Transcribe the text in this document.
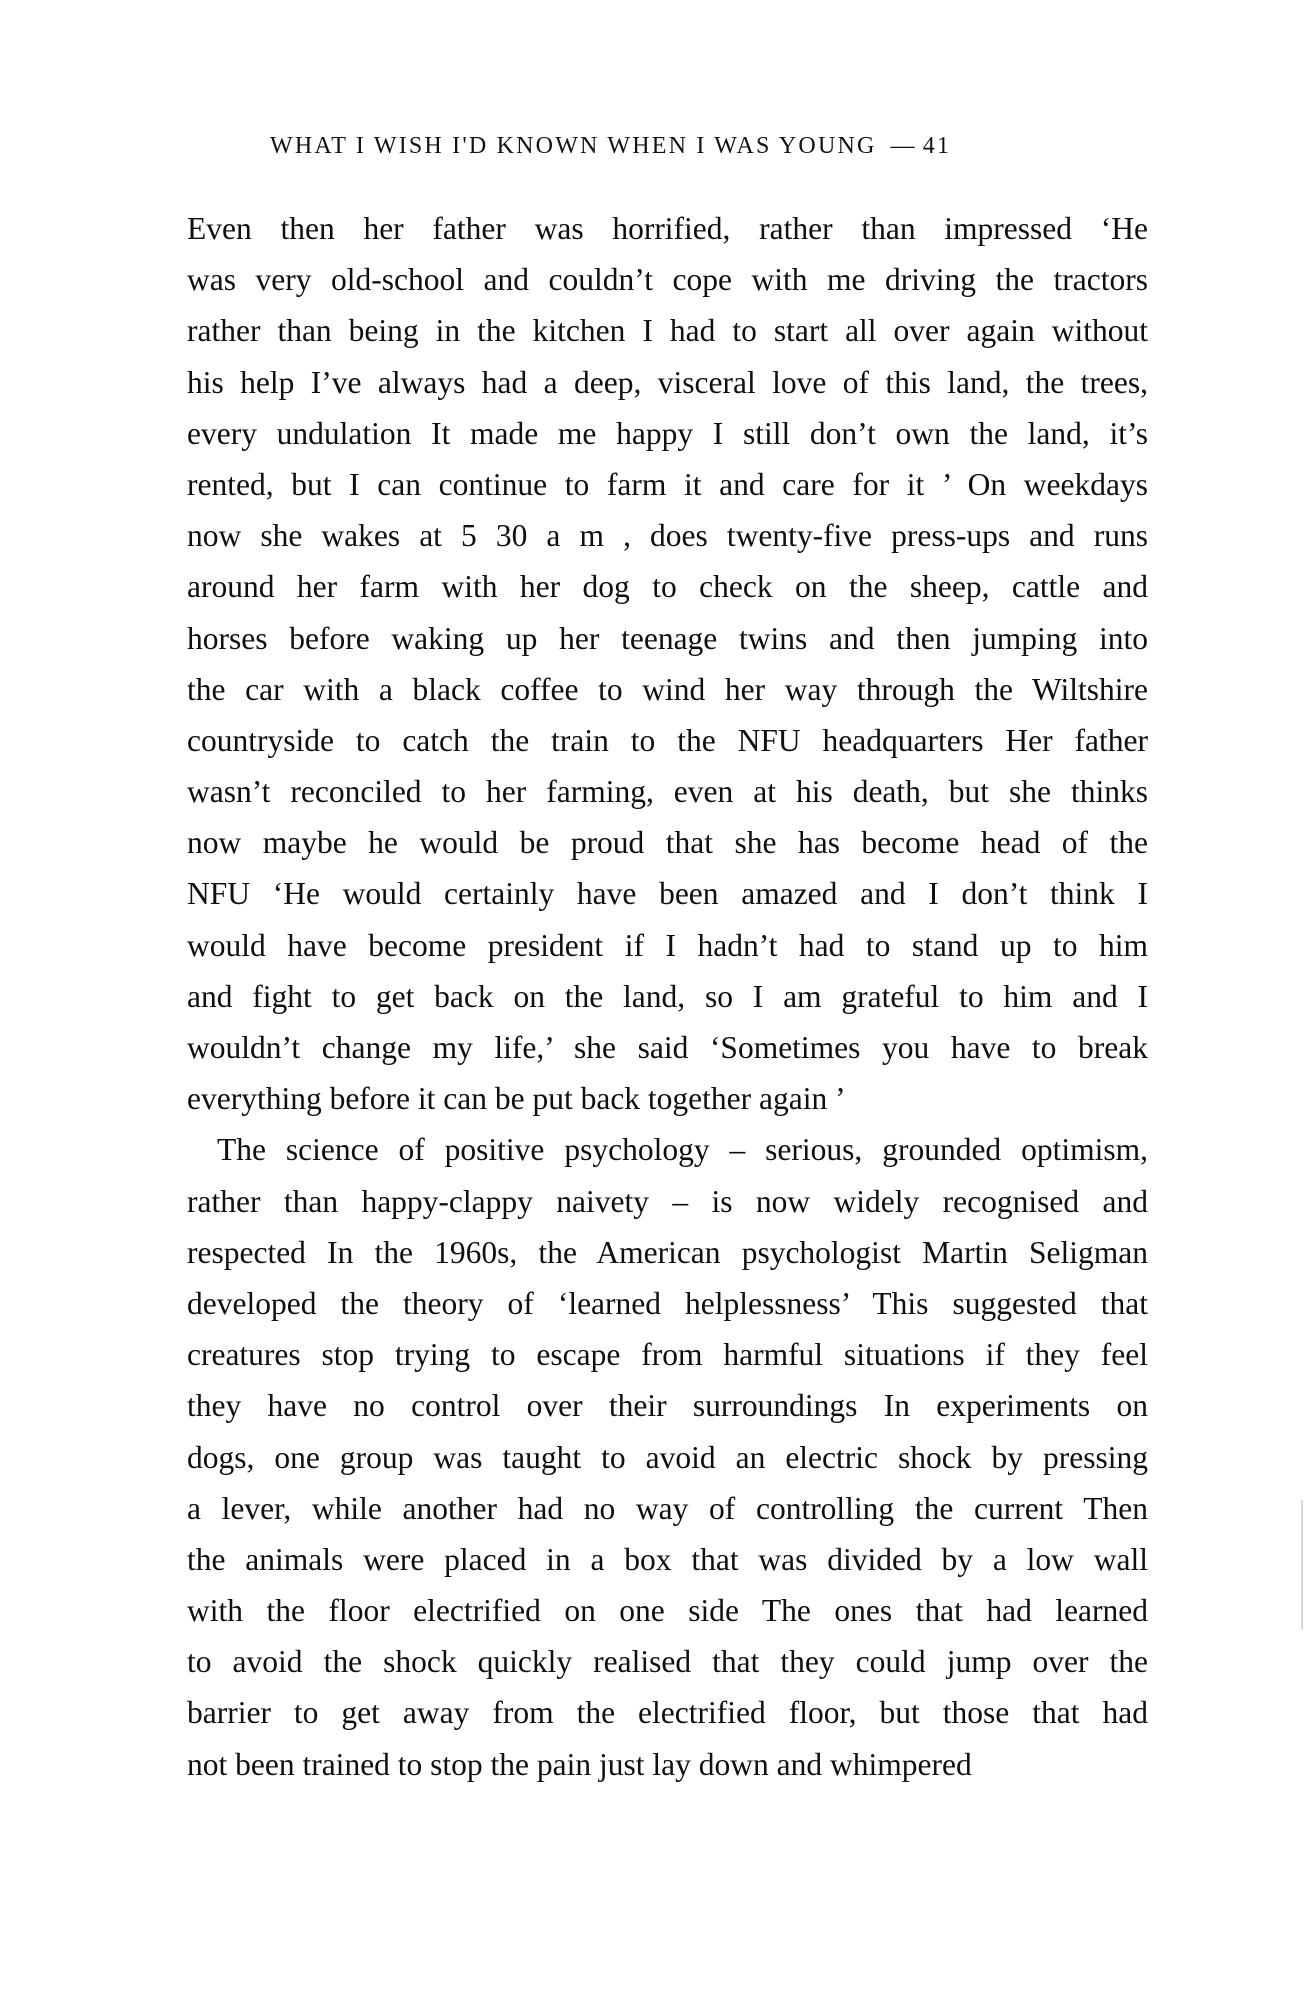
WHAT I WISH I'D KNOWN WHEN I WAS YOUNG — 41
Even then her father was horrified, rather than impressed ‘He
was very old-school and couldn’t cope with me driving the tractors
rather than being in the kitchen I had to start all over again without
his help I’ve always had a deep, visceral love of this land, the trees,
every undulation It made me happy I still don’t own the land, it’s
rented, but I can continue to farm it and care for it ’ On weekdays
now she wakes at 5 30 a m , does twenty-five press-ups and runs
around her farm with her dog to check on the sheep, cattle and
horses before waking up her teenage twins and then jumping into
the car with a black coffee to wind her way through the Wiltshire
countryside to catch the train to the NFU headquarters Her father
wasn’t reconciled to her farming, even at his death, but she thinks
now maybe he would be proud that she has become head of the
NFU ‘He would certainly have been amazed and I don’t think I
would have become president if I hadn’t had to stand up to him
and fight to get back on the land, so I am grateful to him and I
wouldn’t change my life,’ she said ‘Sometimes you have to break
everything before it can be put back together again ’
The science of positive psychology – serious, grounded optimism,
rather than happy-clappy naivety – is now widely recognised and
respected In the 1960s, the American psychologist Martin Seligman
developed the theory of ‘learned helplessness’ This suggested that
creatures stop trying to escape from harmful situations if they feel
they have no control over their surroundings In experiments on
dogs, one group was taught to avoid an electric shock by pressing
a lever, while another had no way of controlling the current Then
the animals were placed in a box that was divided by a low wall
with the floor electrified on one side The ones that had learned
to avoid the shock quickly realised that they could jump over the
barrier to get away from the electrified floor, but those that had
not been trained to stop the pain just lay down and whimpered
